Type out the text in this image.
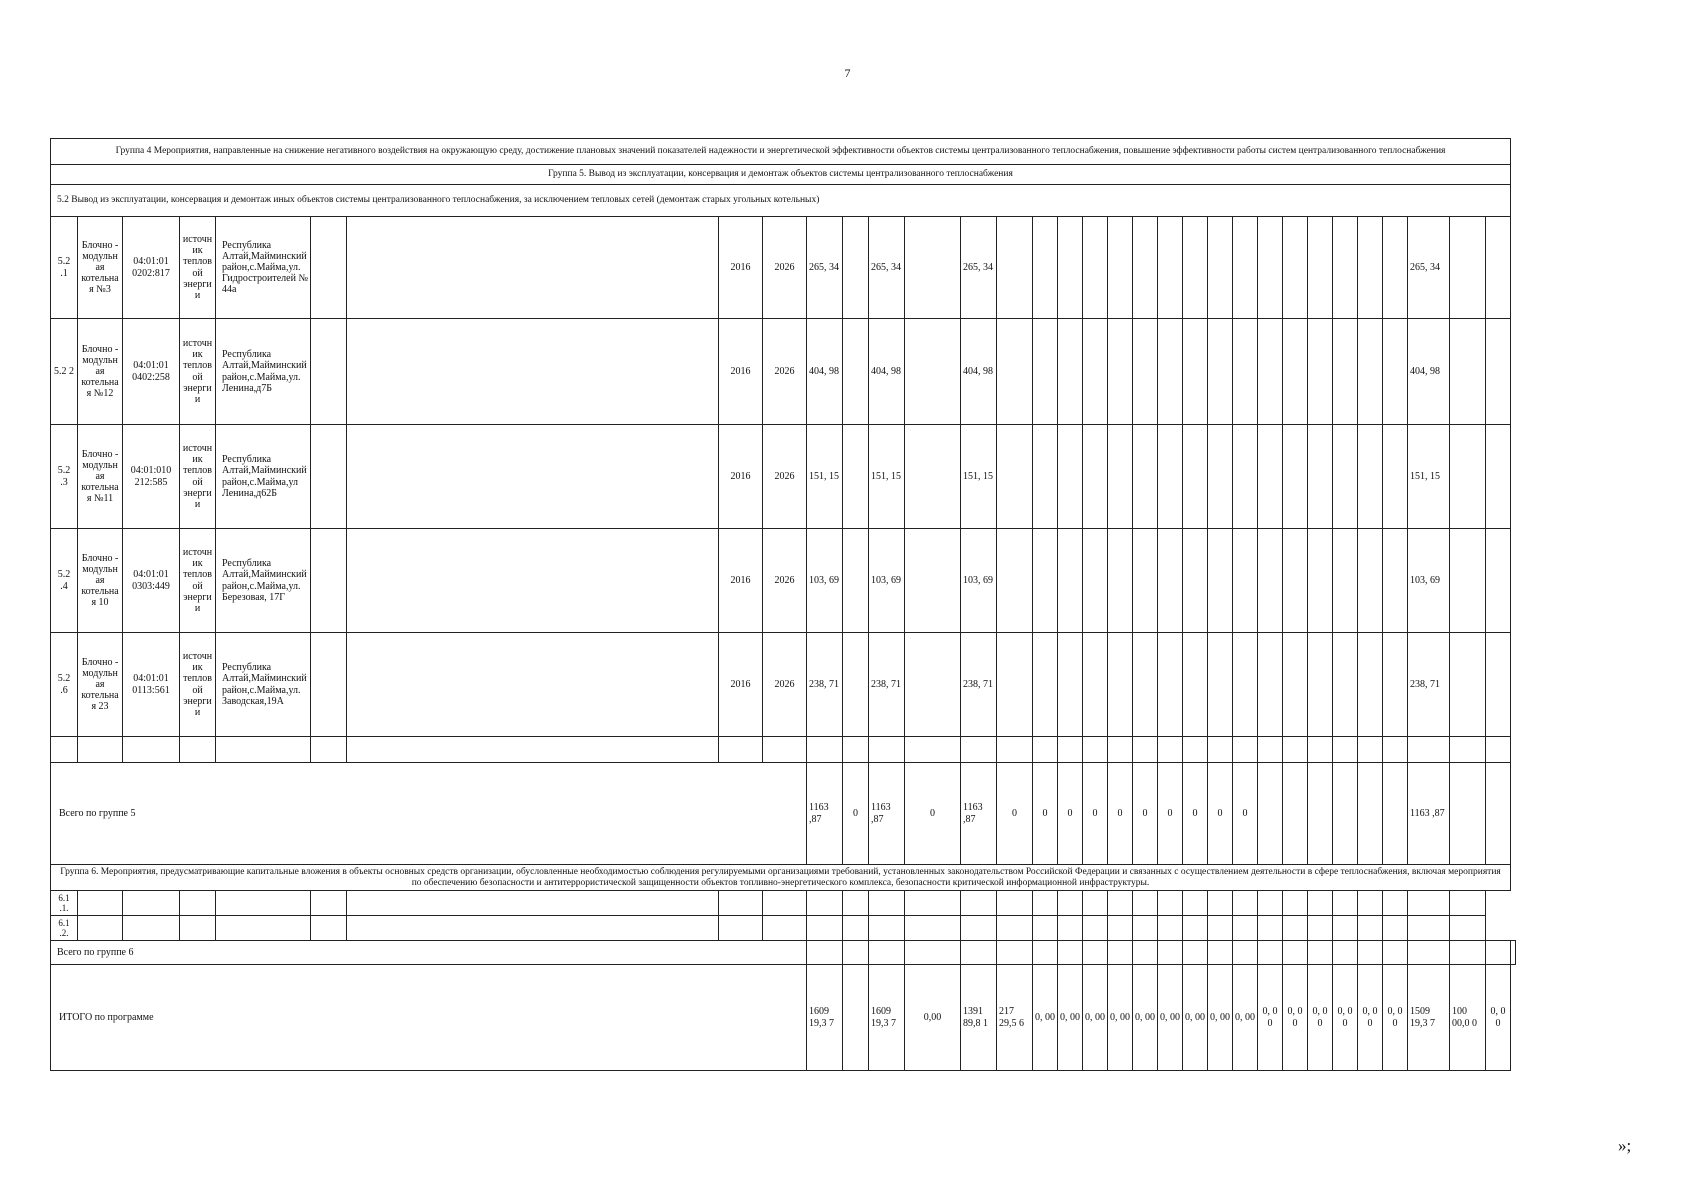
7
Группа 4 Мероприятия, направленные на снижение негативного воздействия на окружающую среду, достижение плановых значений показателей надежности и энергетической эффективности объектов системы централизованного теплоснабжения, повышение эффективности работы систем централизованного теплоснабжения																																	
Группа 5. Вывод из эксплуатации, консервация и демонтаж объектов системы централизованного теплоснабжения																																	
5.2 Вывод из эксплуатации, консервация и демонтаж иных объектов системы централизованного теплоснабжения, за исключением тепловых сетей (демонтаж старых угольных котельных)																																	
5.2 .1	Блочно - модульная котельная №3	04:01:01 0202:817	источник тепловой энергии	Республика Алтай,Майминский район,с.Майма,ул. Гидростроителей № 44а			2016	2026	265, 34		265, 34		265, 34																	265, 34			
5.2 2	Блочно - модульная котельная №12	04:01:01 0402:258	источник тепловой энергии	Республика Алтай,Майминский район,с.Майма,ул. Ленина,д7Б			2016	2026	404, 98		404, 98		404, 98																	404, 98			
5.2 .3	Блочно - модульная котельная №11	04:01:010 212:585	источник тепловой энергии	Республика Алтай,Майминский район,с.Майма,ул Ленина,д62Б			2016	2026	151, 15		151, 15		151, 15																	151, 15			
5.2 .4	Блочно - модульная котельная 10	04:01:01 0303:449	источник тепловой энергии	Республика Алтай,Майминский район,с.Майма,ул. Березовая, 17Г			2016	2026	103, 69		103, 69		103, 69																	103, 69			
5.2 .6	Блочно - модульная котельная 23	04:01:01 0113:561	источник тепловой энергии	Республика Алтай,Майминский район,с.Майма,ул. Заводская,19А			2016	2026	238, 71		238, 71		238, 71																	238, 71			

Всего по группе 5									1163 ,87	0	1163 ,87	0	1163 ,87	0	0	0	0	0	0	0	0	0	0							1163 ,87			
Группа 6. Мероприятия, предусматривающие капитальные вложения в объекты основных средств организации, обусловленные необходимостью соблюдения регулируемыми организациями требований, установленных законодательством Российской Федерации и связанных с осуществлением деятельности в сфере теплоснабжения, включая мероприятия по обеспечению безопасности и антитеррористической защищенности объектов топливно-энергетического комплекса, безопасности критической информационной инфраструктуры.																																	
6.1 .1.																																	
6.1 .2.																																	
Всего по группе 6																																	
ИТОГО по программе									1609 19,3 7		1609 19,3 7	0,00	1391 89,8 1	217 29,5 6	0, 00	0, 00	0, 00	0, 00	0, 00	0, 00	0, 00	0, 00	0, 00	0, 0 0	0, 0 0	0, 0 0	0, 0 0	0, 0 0	0, 0 0	1509 19,3 7	100 00,0 0	0, 0 0	
»;
